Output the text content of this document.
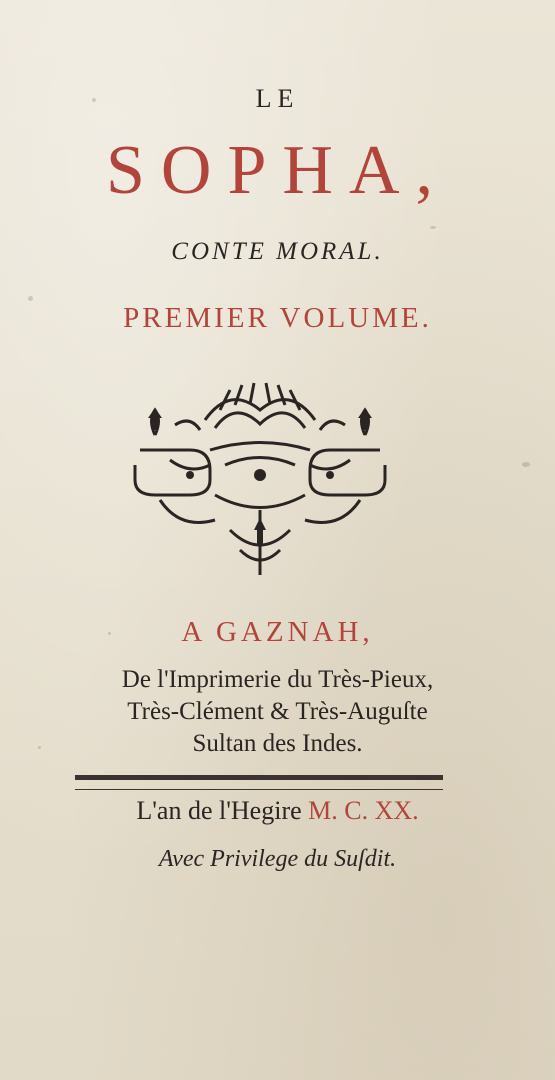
LE
SOPHA,
CONTE MORAL.
PREMIER VOLUME.
A GAZNAH,
De l'Imprimerie du Très-Pieux,
Très-Clément & Très-Auguſte
Sultan des Indes.
L'an de l'Hegire M. C. XX.
Avec Privilege du Suſdit.
